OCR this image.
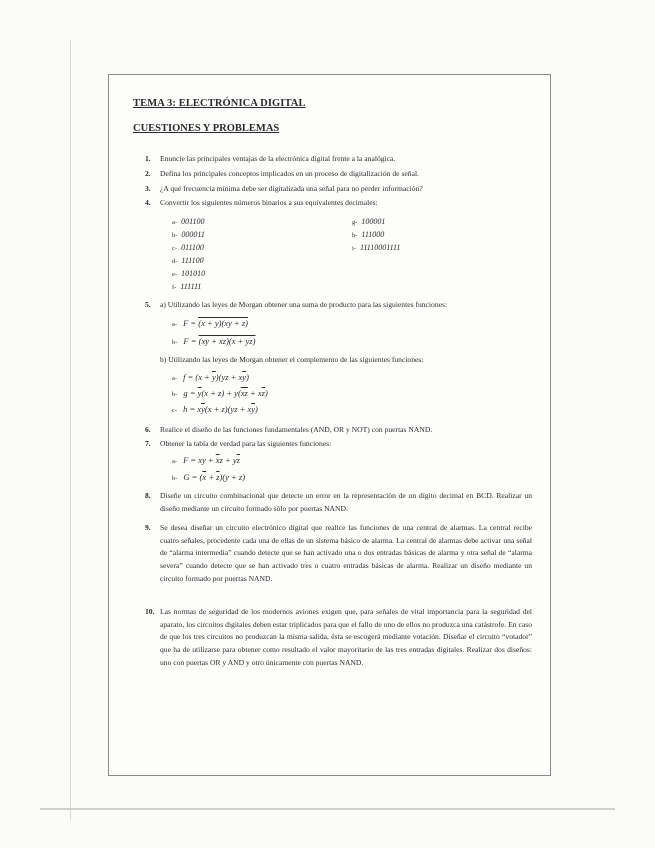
TEMA 3: ELECTRÓNICA DIGITAL
CUESTIONES Y PROBLEMAS
1. Enuncie las principales ventajas de la electrónica digital frente a la analógica.
2. Defina los principales conceptos implicados en un proceso de digitalización de señal.
3. ¿A qué frecuencia mínima debe ser digitalizada una señal para no perder información?
4. Convertir los siguientes números binarios a sus equivalentes decimales:
a- 001100
b- 000011
c- 011100
d- 111100
e- 101010
f- 111111
g- 100001
h- 111000
i- 11110001111
5. a) Utilizando las leyes de Morgan obtener una suma de producto para las siguientes funciones:
a- F = (x + y)(xy + z)
b- F = (xy + xz)(x + yz)
b) Utilizando las leyes de Morgan obtener el complemento de las siguientes funciones:
a- $f = (x + \overline{y})(yz + x\overline{y})$
b- $g = \overline{y}(x + z) + y(\overline{xz} + x\overline{z})$
c- $h = x\overline{y}(x + z)(yz + x\overline{y})$
6. Realice el diseño de las funciones fundamentales (AND, OR y NOT) con puertas NAND.
7. Obtener la tabla de verdad para las siguientes funciones:
a- F = xy + $\overline{x}z + y\overline{z}$
b- $G = (\overline{x} + \overline{z})(y + z)$
8. Diseñe un circuito combinacional que detecte un error en la representación de un dígito decimal en BCD. Realizar un diseño mediante un circuito formado sólo por puertas NAND.
9. Se desea diseñar un circuito electrónico digital que realice las funciones de una central de alarmas. La central recibe cuatro señales, procedente cada una de ellas de un sistema básico de alarma. La central de alarmas debe activar una señal de “alarma intermedia” cuando detecte que se han activado una o dos entradas básicas de alarma y otra señal de “alarma severa” cuando detecte que se han activado tres o cuatro entradas básicas de alarma. Realizar un diseño mediante un circuito formado por puertas NAND.
10. Las normas de seguridad de los modernos aviones exigen que, para señales de vital importancia para la seguridad del aparato, los circuitos digitales deben estar triplicados para que el fallo de uno de ellos no produzca una catástrofe. En caso de que los tres circuitos no produzcan la misma salida, ésta se escogerá mediante votación. Diseñar el circuito “votador” que ha de utilizarse para obtener como resultado el valor mayoritario de las tres entradas digitales. Realizar dos diseños: uno con puertas OR y AND y otro únicamente con puertas NAND.
